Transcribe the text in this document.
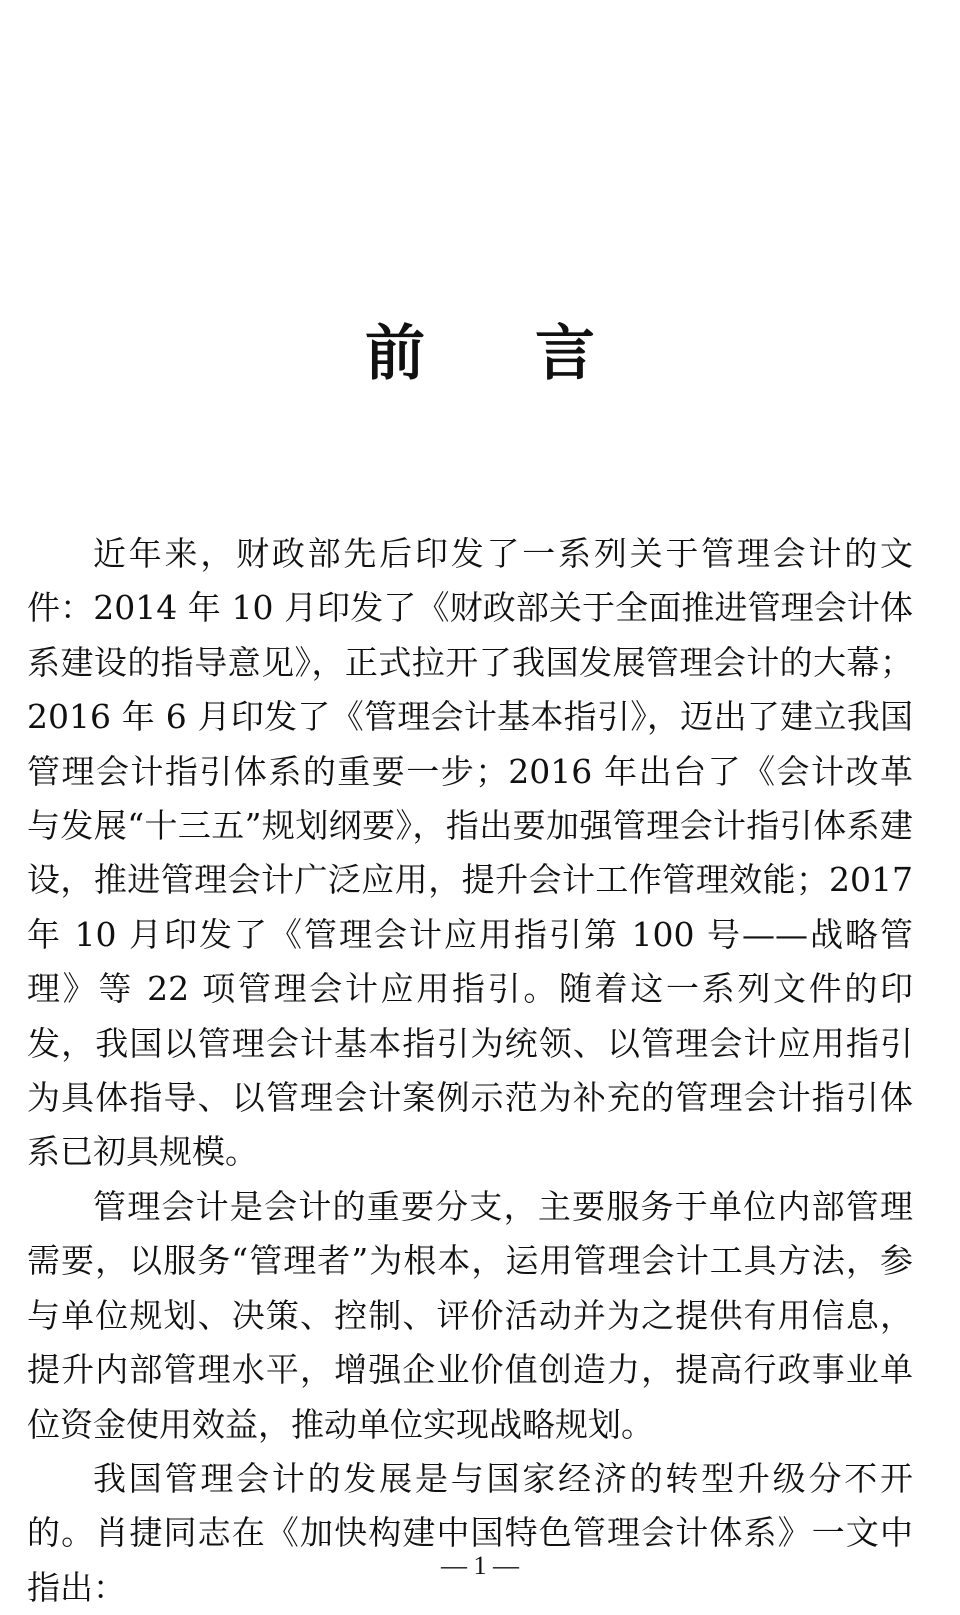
前言

近年来，财政部先后印发了一系列关于管理会计的文件：2014 年 10 月印发了《财政部关于全面推进管理会计体系建设的指导意见》，正式拉开了我国发展管理会计的大幕；2016 年 6 月印发了《管理会计基本指引》，迈出了建立我国管理会计指引体系的重要一步；2016 年出台了《会计改革与发展“十三五”规划纲要》，指出要加强管理会计指引体系建设，推进管理会计广泛应用，提升会计工作管理效能；2017 年 10 月印发了《管理会计应用指引第 100 号——战略管理》等 22 项管理会计应用指引。随着这一系列文件的印发，我国以管理会计基本指引为统领、以管理会计应用指引为具体指导、以管理会计案例示范为补充的管理会计指引体系已初具规模。

管理会计是会计的重要分支，主要服务于单位内部管理需要，以服务“管理者”为根本，运用管理会计工具方法，参与单位规划、决策、控制、评价活动并为之提供有用信息，提升内部管理水平，增强企业价值创造力，提高行政事业单位资金使用效益，推动单位实现战略规划。

我国管理会计的发展是与国家经济的转型升级分不开的。肖捷同志在《加快构建中国特色管理会计体系》一文中指出：

— 1 —
